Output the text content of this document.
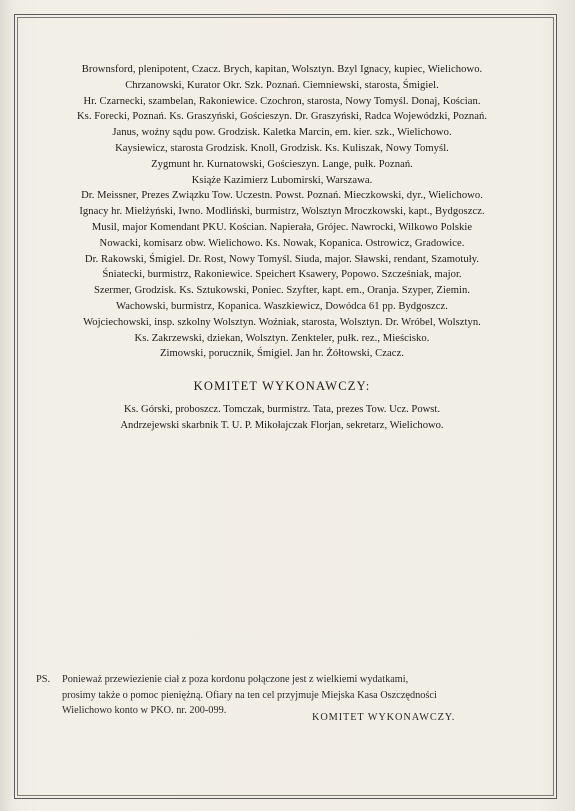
Brownsford, plenipotent, Czacz. Brych, kapitan, Wolsztyn. Bzyl Ignacy, kupiec, Wielichowo.
Chrzanowski, Kurator Okr. Szk. Poznań. Ciemniewski, starosta, Śmigiel.
Hr. Czarnecki, szambelan, Rakoniewice. Czochron, starosta, Nowy Tomyśl. Donaj, Kościan.
Ks. Forecki, Poznań. Ks. Graszyński, Gościeszyn. Dr. Graszyński, Radca Wojewódzki, Poznań.
Janus, woźny sądu pow. Grodzisk. Kaletka Marcin, em. kier. szk., Wielichowo.
Kaysiewicz, starosta Grodzisk. Knoll, Grodzisk. Ks. Kuliszak, Nowy Tomyśl.
Zygmunt hr. Kurnatowski, Gościeszyn. Lange, pułk. Poznań.
Książe Kazimierz Lubomirski, Warszawa.
Dr. Meissner, Prezes Związku Tow. Uczestn. Powst. Poznań. Mieczkowski, dyr., Wielichowo.
Ignacy hr. Mielżyński, Iwno. Modliński, burmistrz, Wolsztyn Mroczkowski, kapt., Bydgoszcz.
Musil, major Komendant PKU. Kościan. Napierała, Grójec. Nawrocki, Wilkowo Polskie
Nowacki, komisarz obw. Wielichowo. Ks. Nowak, Kopanica. Ostrowicz, Gradowice.
Dr. Rakowski, Śmigiel. Dr. Rost, Nowy Tomyśl. Siuda, major. Sławski, rendant, Szamotuły.
Śniatecki, burmistrz, Rakoniewice. Speichert Ksawery, Popowo. Szcześniak, major.
Szermer, Grodzisk. Ks. Sztukowski, Poniec. Szyfter, kapt. em., Oranja. Szyper, Ziemin.
Wachowski, burmistrz, Kopanica. Waszkiewicz, Dowódca 61 pp. Bydgoszcz.
Wojciechowski, insp. szkolny Wolsztyn. Woźniak, starosta, Wolsztyn. Dr. Wróbel, Wolsztyn.
Ks. Zakrzewski, dziekan, Wolsztyn. Zenkteler, pułk. rez., Mieścisko.
Zimowski, porucznik, Śmigiel. Jan hr. Żółtowski, Czacz.
KOMITET WYKONAWCZY:
Ks. Górski, proboszcz. Tomczak, burmistrz. Tata, prezes Tow. Ucz. Powst.
Andrzejewski skarbnik T. U. P. Mikołajczak Florjan, sekretarz, Wielichowo.
PS. Ponieważ przewiezienie ciał z poza kordonu połączone jest z wielkiemi wydatkami,
prosimy także o pomoc pieniężną. Ofiary na ten cel przyjmuje Miejska Kasa Oszczędności
Wielichowo konto w PKO. nr. 200-099.
KOMITET WYKONAWCZY.
